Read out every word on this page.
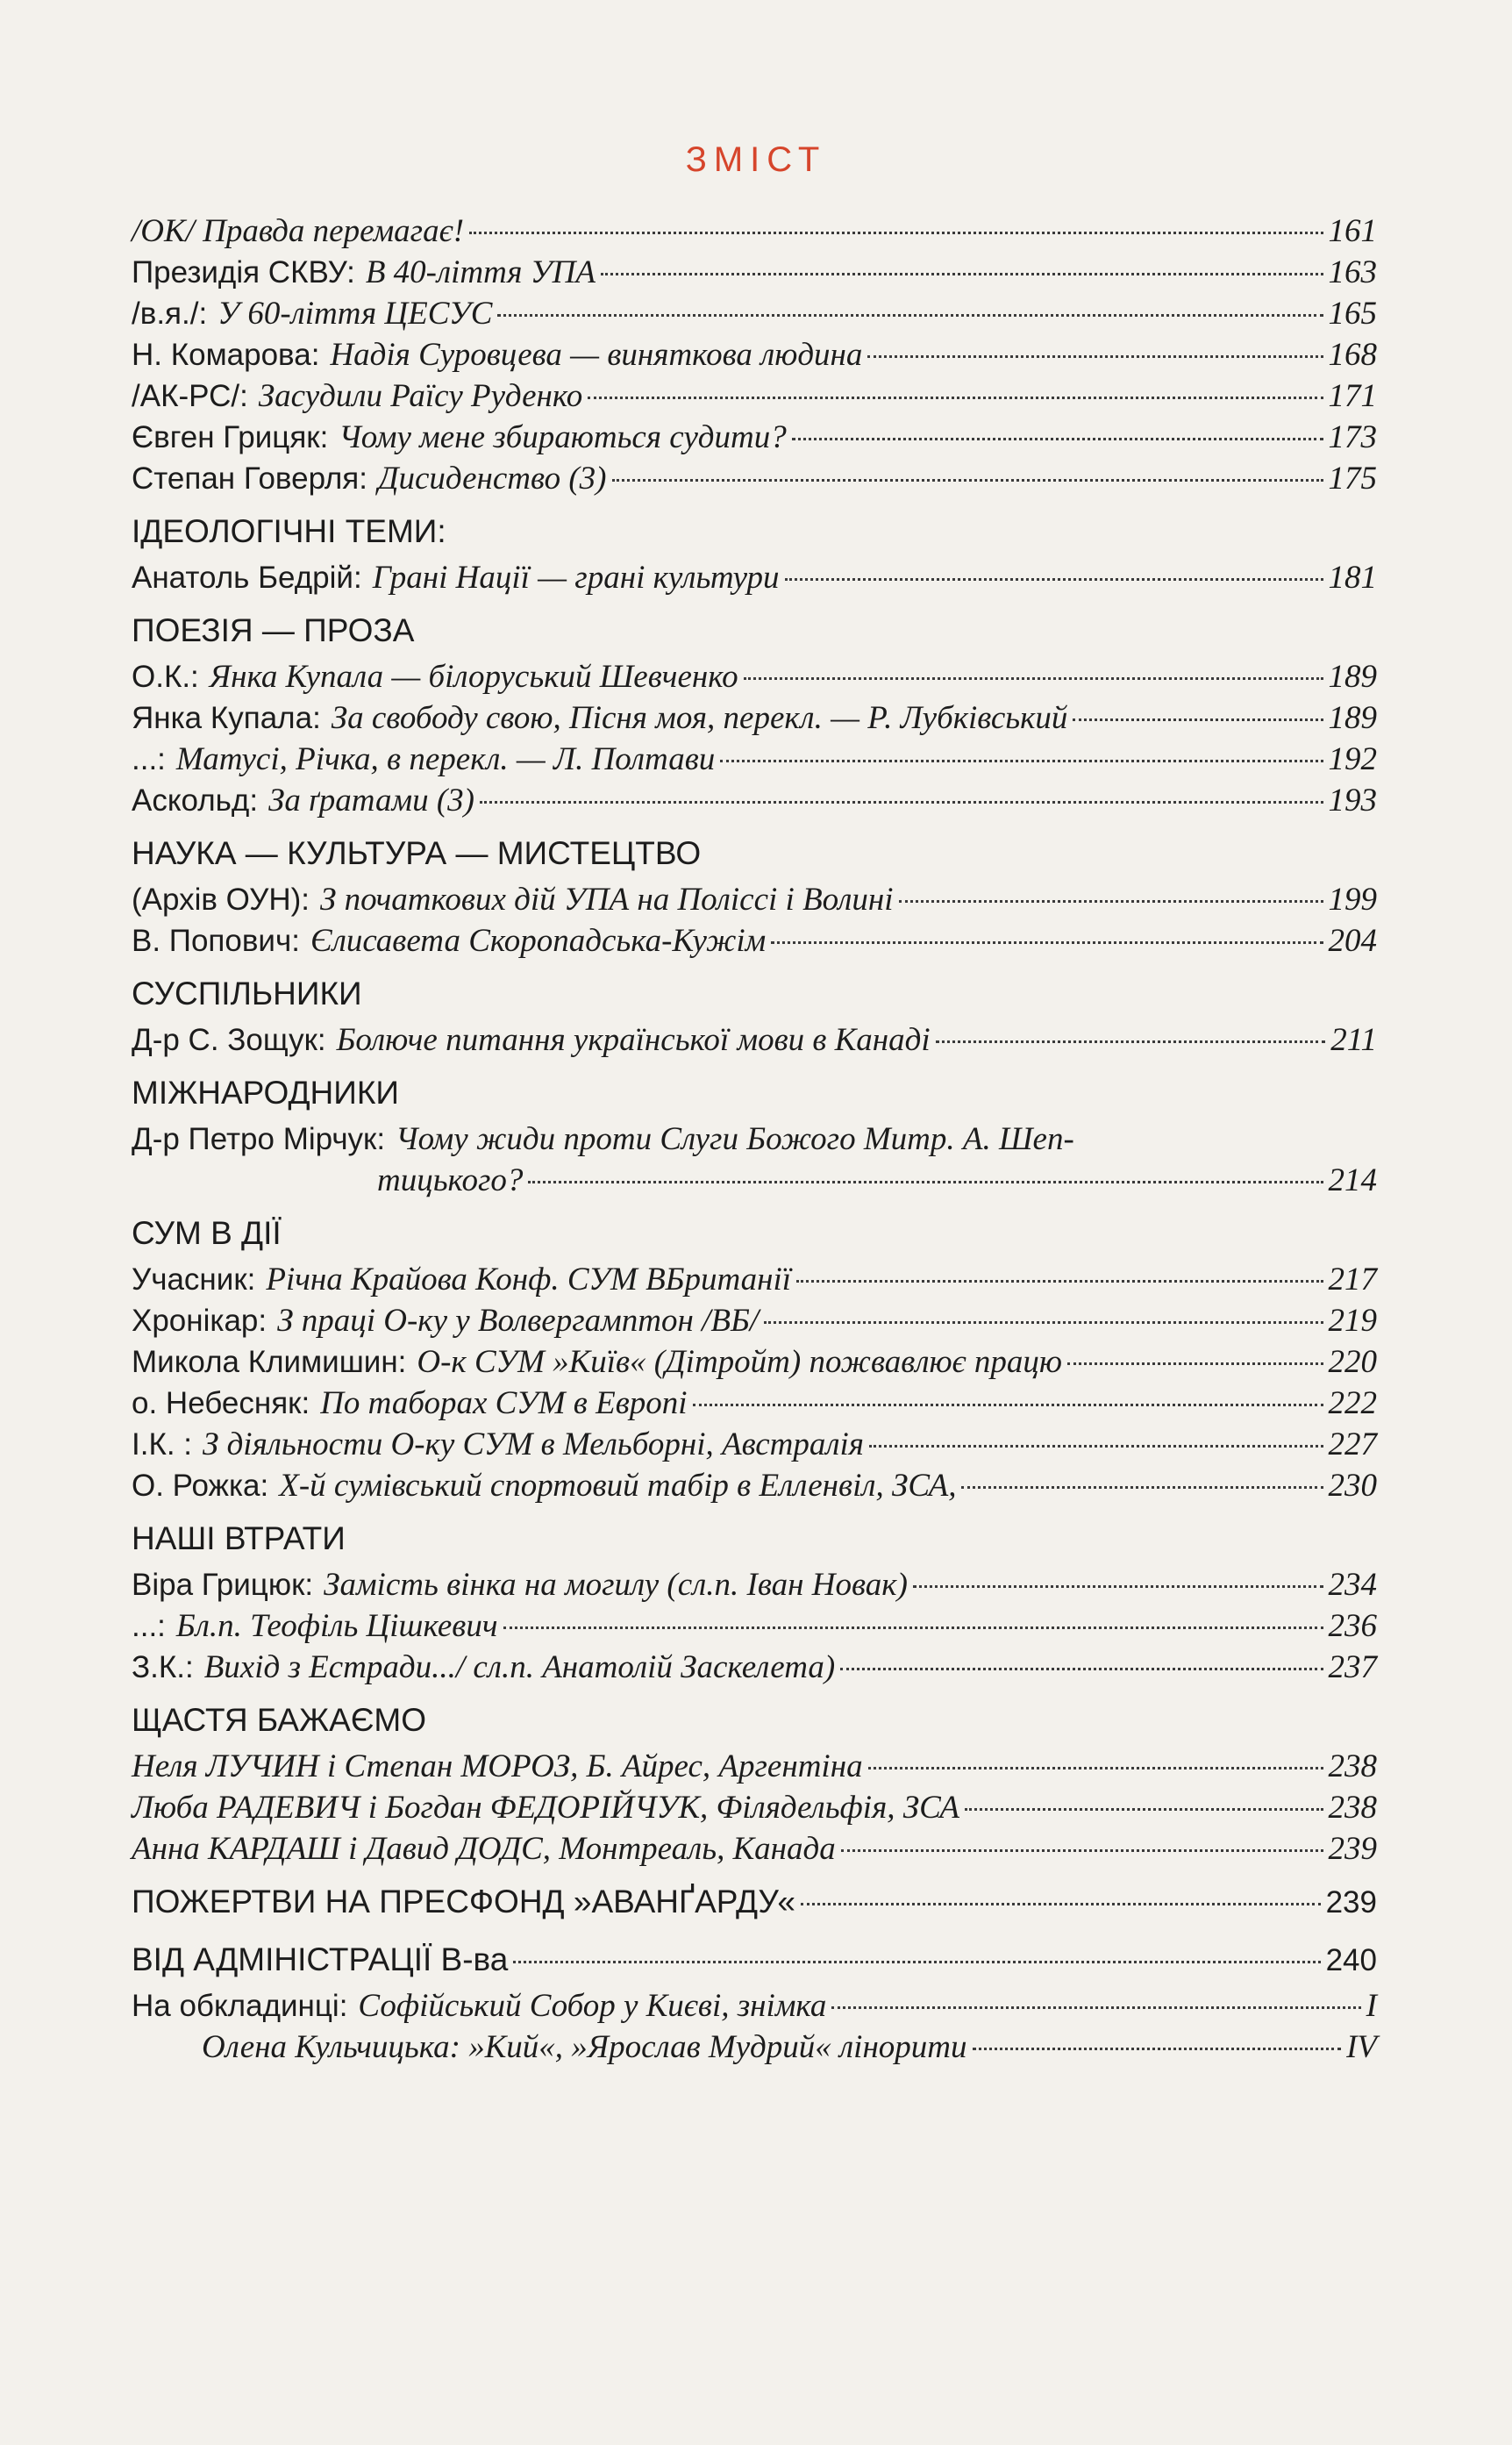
ЗМІСТ
/ОК/ Правда перемагає!	161
Президія СКВУ: В 40-ліття УПА	163
/в.я./: У 60-ліття ЦЕСУС	165
Н. Комарова: Надія Суровцева — виняткова людина	168
/АК-РС/: Засудили Раїсу Руденко	171
Євген Грицяк: Чому мене збираються судити?	173
Степан Говерля: Дисиденство (3)	175
ІДЕОЛОГІЧНІ ТЕМИ:
Анатоль Бедрій: Грані Нації — грані культури	181
ПОЕЗІЯ — ПРОЗА
О.К.: Янка Купала — білоруський Шевченко	189
Янка Купала: За свободу свою, Пісня моя, перекл. — Р. Лубківський	189
...: Матусі, Річка, в перекл. — Л. Полтави	192
Аскольд: За ґратами (3)	193
НАУКА — КУЛЬТУРА — МИСТЕЦТВО
(Архів ОУН): З початкових дій УПА на Поліссі і Волині	199
В. Попович: Єлисавета Скоропадська-Кужім	204
СУСПІЛЬНИКИ
Д-р С. Зощук: Болюче питання української мови в Канаді	211
МІЖНАРОДНИКИ
Д-р Петро Мірчук: Чому жиди проти Слуги Божого Митр. А. Шеп-
тицького?	214
СУМ В ДІЇ
Учасник: Річна Крайова Конф. СУМ ВБританії	217
Хронікар: З праці О-ку у Волвергамптон /ВБ/	219
Микола Климишин: О-к СУМ »Київ« (Дітройт) пожвавлює працю	220
о. Небесняк: По таборах СУМ в Европі	222
І.К. : З діяльности О-ку СУМ в Мельборні, Австралія	227
О. Рожка: Х-й сумівський спортовий табір в Елленвіл, ЗСА,	230
НАШІ ВТРАТИ
Віра Грицюк: Замість вінка на могилу (сл.п. Іван Новак)	234
...: Бл.п. Теофіль Цішкевич	236
З.К.: Вихід з Естради.../ сл.п. Анатолій Заскелета)	237
ЩАСТЯ БАЖАЄМО
Неля ЛУЧИН і Степан МОРОЗ, Б. Айрес, Аргентіна	238
Люба РАДЕВИЧ і Богдан ФЕДОРІЙЧУК, Філядельфія, ЗСА	238
Анна КАРДАШ і Давид ДОДС, Монтреаль, Канада	239
ПОЖЕРТВИ НА ПРЕСФОНД »АВАНҐАРДУ«	239
ВІД АДМІНІСТРАЦІЇ В-ва	240
На обкладинці: Софійський Собор у Києві, знімка	I
Олена Кульчицька: »Кий«, »Ярослав Мудрий« лінорити	IV
